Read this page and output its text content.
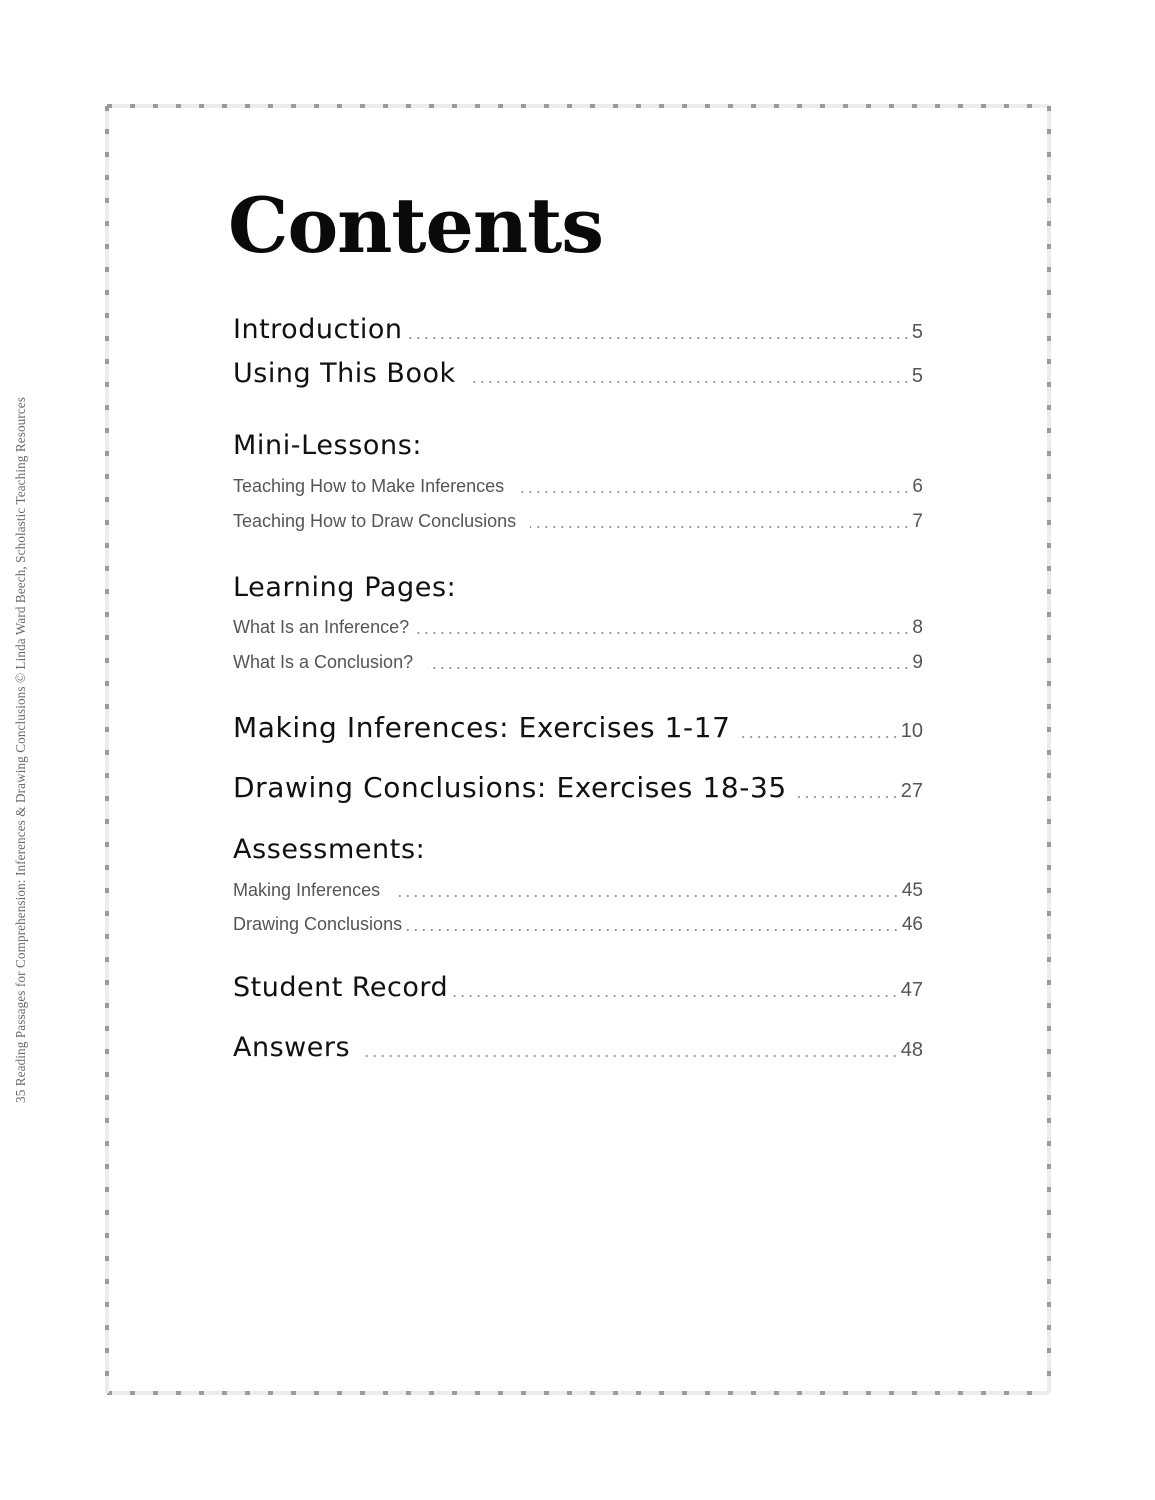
35 Reading Passages for Comprehension: Inferences & Drawing Conclusions © Linda Ward Beech, Scholastic Teaching Resources
Contents
Introduction	5
Using This Book	5
Mini-Lessons:
Teaching How to Make Inferences	6
Teaching How to Draw Conclusions	7
Learning Pages:
What Is an Inference?	8
What Is a Conclusion?	9
Making Inferences: Exercises 1-17	10
Drawing Conclusions: Exercises 18-35	27
Assessments:
Making Inferences	45
Drawing Conclusions	46
Student Record	47
Answers	48
